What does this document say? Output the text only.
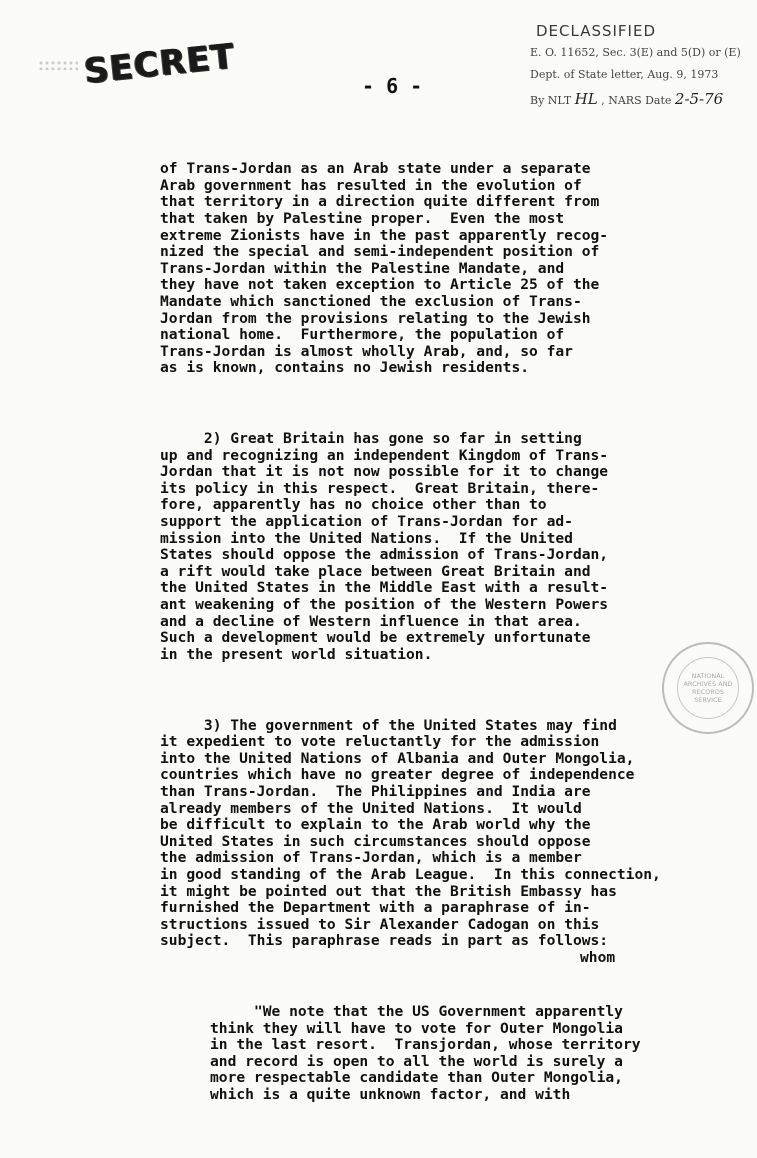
SECRET	- 6 -
DECLASSIFIED
E. O. 11652, Sec. 3(E) and 5(D) or (E)
Dept. of State letter, Aug. 9, 1973
By NLT HL , NARS Date 2-5-76
NATIONAL ARCHIVES AND RECORDS SERVICE

of Trans-Jordan as an Arab state under a separate
Arab government has resulted in the evolution of
that territory in a direction quite different from
that taken by Palestine proper.  Even the most
extreme Zionists have in the past apparently recog-
nized the special and semi-independent position of
Trans-Jordan within the Palestine Mandate, and
they have not taken exception to Article 25 of the
Mandate which sanctioned the exclusion of Trans-
Jordan from the provisions relating to the Jewish
national home.  Furthermore, the population of
Trans-Jordan is almost wholly Arab, and, so far
as is known, contains no Jewish residents.

2) Great Britain has gone so far in setting
up and recognizing an independent Kingdom of Trans-
Jordan that it is not now possible for it to change
its policy in this respect.  Great Britain, there-
fore, apparently has no choice other than to
support the application of Trans-Jordan for ad-
mission into the United Nations.  If the United
States should oppose the admission of Trans-Jordan,
a rift would take place between Great Britain and
the United States in the Middle East with a result-
ant weakening of the position of the Western Powers
and a decline of Western influence in that area.
Such a development would be extremely unfortunate
in the present world situation.

3) The government of the United States may find
it expedient to vote reluctantly for the admission
into the United Nations of Albania and Outer Mongolia,
countries which have no greater degree of independence
than Trans-Jordan.  The Philippines and India are
already members of the United Nations.  It would
be difficult to explain to the Arab world why the
United States in such circumstances should oppose
the admission of Trans-Jordan, which is a member
in good standing of the Arab League.  In this connection,
it might be pointed out that the British Embassy has
furnished the Department with a paraphrase of in-
structions issued to Sir Alexander Cadogan on this
subject.  This paraphrase reads in part as follows:

"We note that the US Government apparently
think they will have to vote for Outer Mongolia
in the last resort.  Transjordan, whose territory
and record is open to all the world is surely a
more respectable candidate than Outer Mongolia,
which is a quite unknown factor, and with

whom
